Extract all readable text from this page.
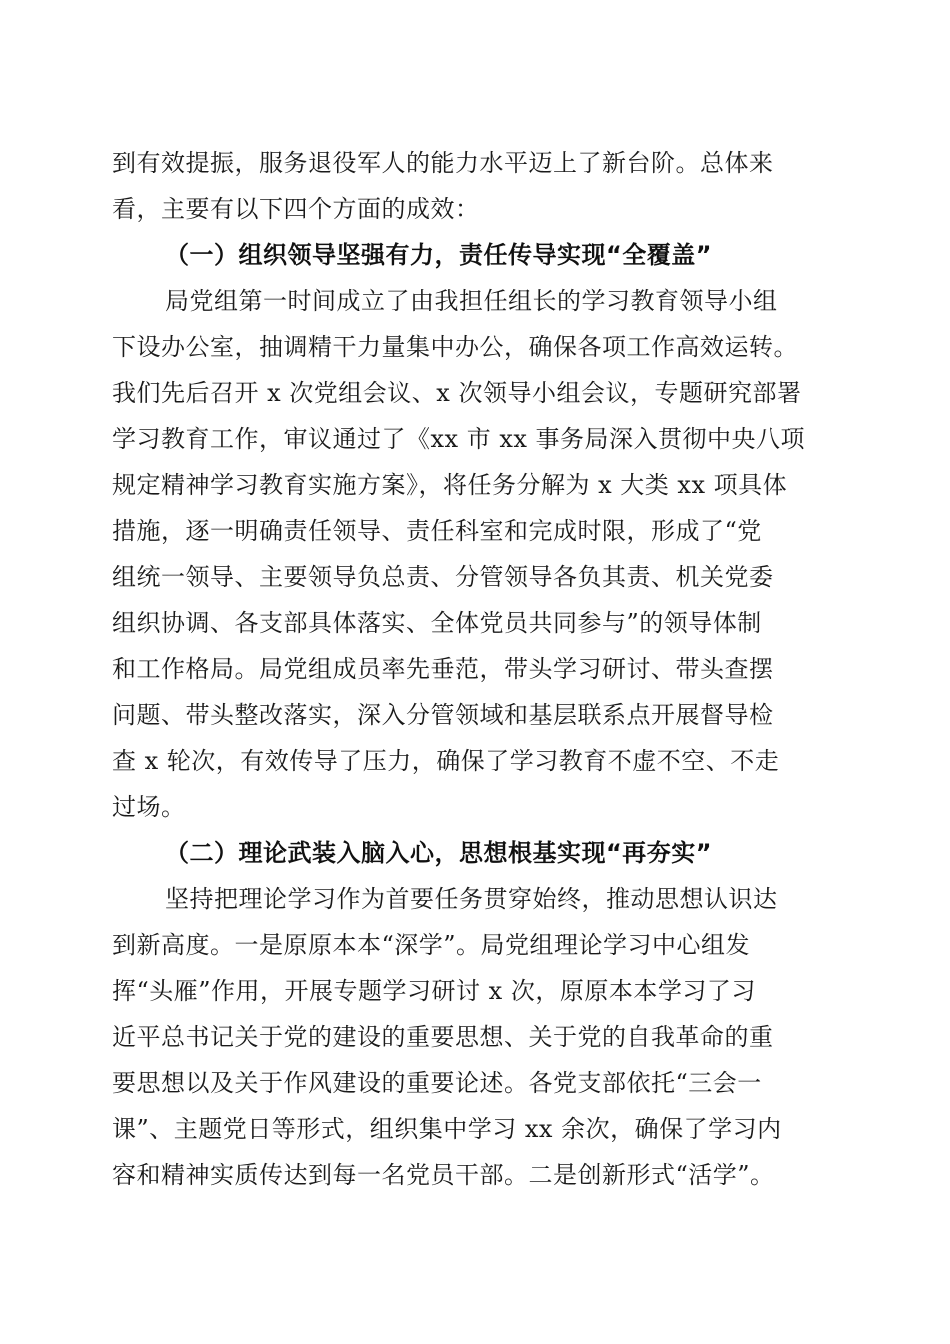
到有效提振，服务退役军人的能力水平迈上了新台阶。总体来
看，主要有以下四个方面的成效：
（一）组织领导坚强有力，责任传导实现“全覆盖”
局党组第一时间成立了由我担任组长的学习教育领导小组
下设办公室，抽调精干力量集中办公，确保各项工作高效运转。
我们先后召开 x 次党组会议、x 次领导小组会议，专题研究部署
学习教育工作，审议通过了《xx 市 xx 事务局深入贯彻中央八项
规定精神学习教育实施方案》，将任务分解为 x 大类 xx 项具体
措施，逐一明确责任领导、责任科室和完成时限，形成了“党
组统一领导、主要领导负总责、分管领导各负其责、机关党委
组织协调、各支部具体落实、全体党员共同参与”的领导体制
和工作格局。局党组成员率先垂范，带头学习研讨、带头查摆
问题、带头整改落实，深入分管领域和基层联系点开展督导检
查 x 轮次，有效传导了压力，确保了学习教育不虚不空、不走
过场。
（二）理论武装入脑入心，思想根基实现“再夯实”
坚持把理论学习作为首要任务贯穿始终，推动思想认识达
到新高度。一是原原本本“深学”。局党组理论学习中心组发
挥“头雁”作用，开展专题学习研讨 x 次，原原本本学习了习
近平总书记关于党的建设的重要思想、关于党的自我革命的重
要思想以及关于作风建设的重要论述。各党支部依托“三会一
课”、主题党日等形式，组织集中学习 xx 余次，确保了学习内
容和精神实质传达到每一名党员干部。二是创新形式“活学”。
